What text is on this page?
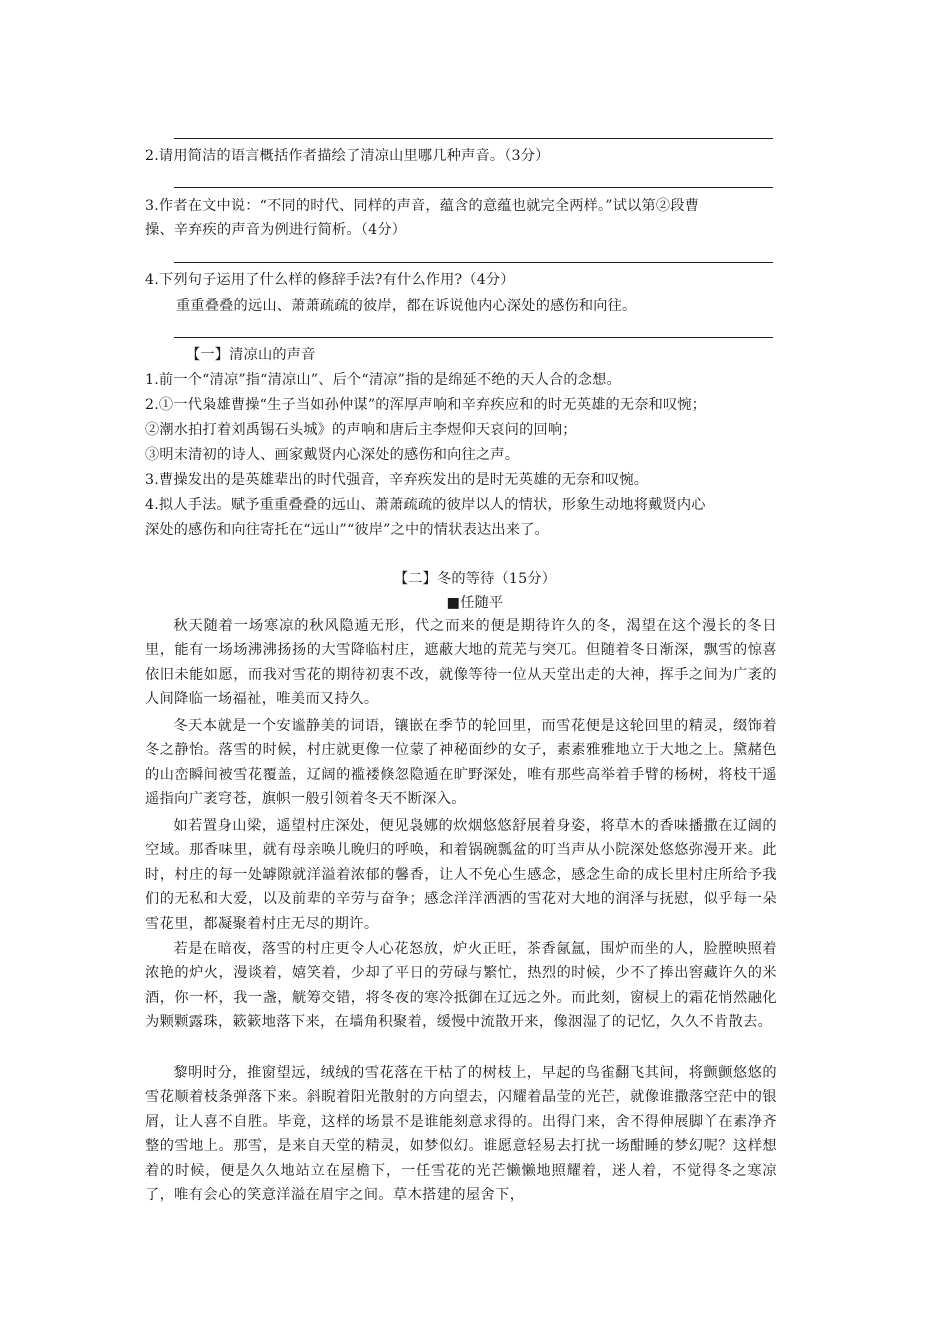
2.请用简洁的语言概括作者描绘了清凉山里哪几种声音。（3分）
3.作者在文中说：“不同的时代、同样的声音，蕴含的意蕴也就完全两样。”试以第②段曹
操、辛弃疾的声音为例进行简析。（4分）
4.下列句子运用了什么样的修辞手法?有什么作用?（4分）
重重叠叠的远山、萧萧疏疏的彼岸，都在诉说他内心深处的感伤和向往。
【一】清凉山的声音
1.前一个“清凉”指“清凉山”、后个“清凉”指的是绵延不绝的天人合的念想。
2.①一代枭雄曹操“生子当如孙仲谋”的浑厚声响和辛弃疾应和的时无英雄的无奈和叹惋；
②潮水拍打着刘禹锡石头城》的声响和唐后主李煜仰天哀问的回响；
③明末清初的诗人、画家戴贤内心深处的感伤和向往之声。
3.曹操发出的是英雄辈出的时代强音，辛弃疾发出的是时无英雄的无奈和叹惋。
4.拟人手法。赋予重重叠叠的远山、萧萧疏疏的彼岸以人的情状，形象生动地将戴贤内心
深处的感伤和向往寄托在“远山”“彼岸”之中的情状表达出来了。
【二】冬的等待（15分）
■任随平
秋天随着一场寒凉的秋风隐遁无形，代之而来的便是期待许久的冬，渴望在这个漫长的冬日里，能有一场场沸沸扬扬的大雪降临村庄，遮蔽大地的荒芜与突兀。但随着冬日渐深，飘雪的惊喜依旧未能如愿，而我对雪花的期待初衷不改，就像等待一位从天堂出走的大神，挥手之间为广袤的人间降临一场福祉，唯美而又持久。
冬天本就是一个安谧静美的词语，镶嵌在季节的轮回里，而雪花便是这轮回里的精灵，缀饰着冬之静怡。落雪的时候，村庄就更像一位蒙了神秘面纱的女子，素素雅雅地立于大地之上。黛赭色的山峦瞬间被雪花覆盖，辽阔的褴褛倏忽隐遁在旷野深处，唯有那些高举着手臂的杨树，将枝干遥遥指向广袤穹苍，旗帜一般引领着冬天不断深入。
如若置身山梁，遥望村庄深处，便见袅娜的炊烟悠悠舒展着身姿，将草木的香味播撒在辽阔的空域。那香味里，就有母亲唤儿晚归的呼唤，和着锅碗瓢盆的叮当声从小院深处悠悠弥漫开来。此时，村庄的每一处罅隙就洋溢着浓郁的馨香，让人不免心生感念，感念生命的成长里村庄所给予我们的无私和大爱，以及前辈的辛劳与奋争；感念洋洋洒洒的雪花对大地的润泽与抚慰，似乎每一朵雪花里，都凝聚着村庄无尽的期许。
若是在暗夜，落雪的村庄更令人心花怒放，炉火正旺，茶香氤氲，围炉而坐的人，脸膛映照着浓艳的炉火，漫谈着，嬉笑着，少却了平日的劳碌与繁忙，热烈的时候，少不了捧出窖藏许久的米酒，你一杯，我一盏，觥筹交错，将冬夜的寒冷抵御在辽远之外。而此刻，窗棂上的霜花悄然融化为颗颗露珠，簌簌地落下来，在墙角积聚着，缓慢中流散开来，像洇湿了的记忆，久久不肯散去。
黎明时分，推窗望远，绒绒的雪花落在干枯了的树枝上，早起的鸟雀翻飞其间，将颤颤悠悠的雪花顺着枝条弹落下来。斜睨着阳光散射的方向望去，闪耀着晶莹的光芒，就像谁撒落空茫中的银屑，让人喜不自胜。毕竟，这样的场景不是谁能刻意求得的。出得门来，舍不得伸展脚丫在素净齐整的雪地上。那雪，是来自天堂的精灵，如梦似幻。谁愿意轻易去打扰一场酣睡的梦幻呢？这样想着的时候，便是久久地站立在屋檐下，一任雪花的光芒懒懒地照耀着，迷人着，不觉得冬之寒凉了，唯有会心的笑意洋溢在眉宇之间。草木搭建的屋舍下，
